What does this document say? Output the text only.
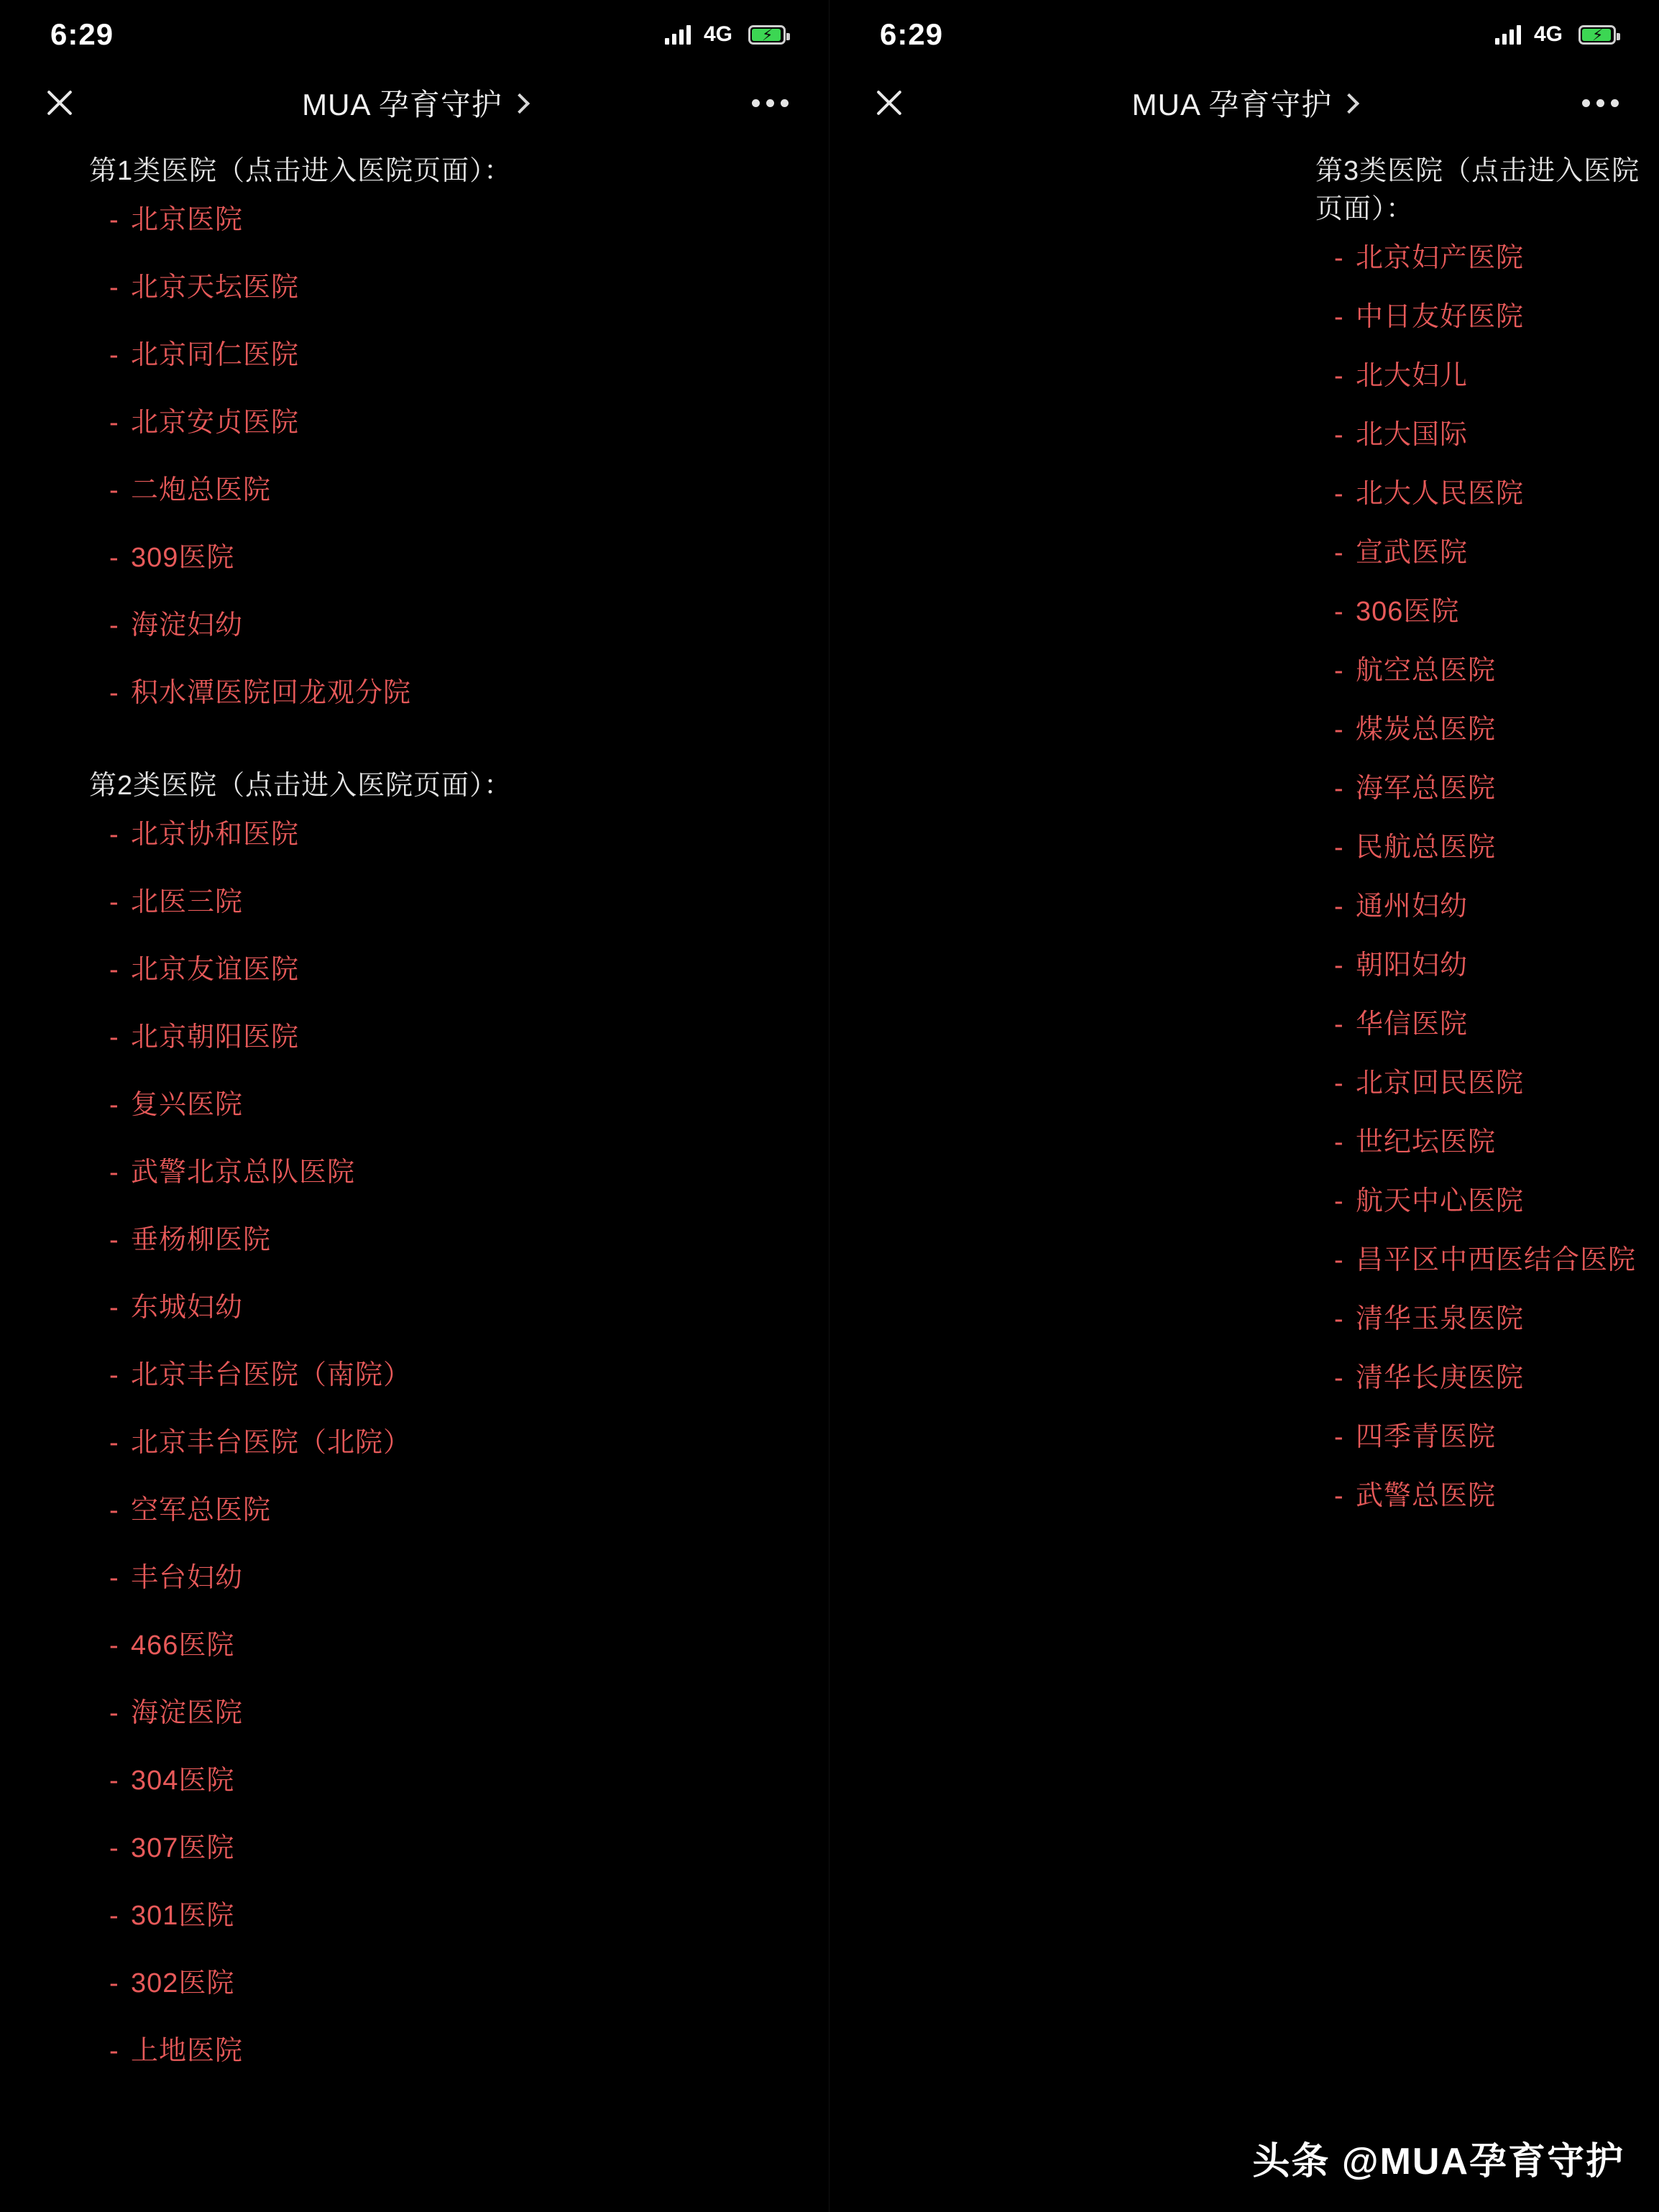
6:29	4G ⚡
MUA 孕育守护
第1类医院（点击进入医院页面）：
- 北京医院
- 北京天坛医院
- 北京同仁医院
- 北京安贞医院
- 二炮总医院
- 309医院
- 海淀妇幼
- 积水潭医院回龙观分院
第2类医院（点击进入医院页面）：
- 北京协和医院
- 北医三院
- 北京友谊医院
- 北京朝阳医院
- 复兴医院
- 武警北京总队医院
- 垂杨柳医院
- 东城妇幼
- 北京丰台医院（南院）
- 北京丰台医院（北院）
- 空军总医院
- 丰台妇幼
- 466医院
- 海淀医院
- 304医院
- 307医院
- 301医院
- 302医院
- 上地医院
6:29	4G ⚡
MUA 孕育守护
第3类医院（点击进入医院页面）：
- 北京妇产医院
- 中日友好医院
- 北大妇儿
- 北大国际
- 北大人民医院
- 宣武医院
- 306医院
- 航空总医院
- 煤炭总医院
- 海军总医院
- 民航总医院
- 通州妇幼
- 朝阳妇幼
- 华信医院
- 北京回民医院
- 世纪坛医院
- 航天中心医院
- 昌平区中西医结合医院
- 清华玉泉医院
- 清华长庚医院
- 四季青医院
- 武警总医院
头条 @MUA孕育守护
